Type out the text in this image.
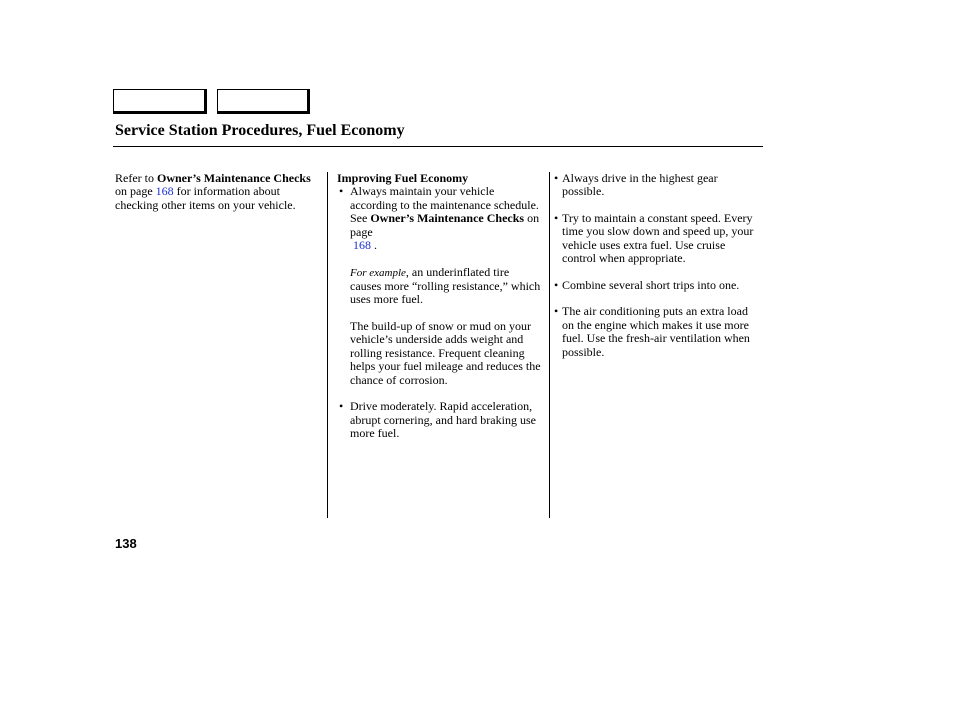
Service Station Procedures, Fuel Economy

Refer to Owner’s Maintenance Checks on page 168 for information about checking other items on your vehicle.

Improving Fuel Economy
• Always maintain your vehicle according to the maintenance schedule. See Owner’s Maintenance Checks on page
168 .
For example, an underinflated tire causes more “rolling resistance,” which uses more fuel.
The build-up of snow or mud on your vehicle’s underside adds weight and rolling resistance. Frequent cleaning helps your fuel mileage and reduces the chance of corrosion.
• Drive moderately. Rapid acceleration, abrupt cornering, and hard braking use more fuel.
• Always drive in the highest gear possible.
• Try to maintain a constant speed. Every time you slow down and speed up, your vehicle uses extra fuel. Use cruise control when appropriate.
• Combine several short trips into one.
• The air conditioning puts an extra load on the engine which makes it use more fuel. Use the fresh-air ventilation when possible.
138
